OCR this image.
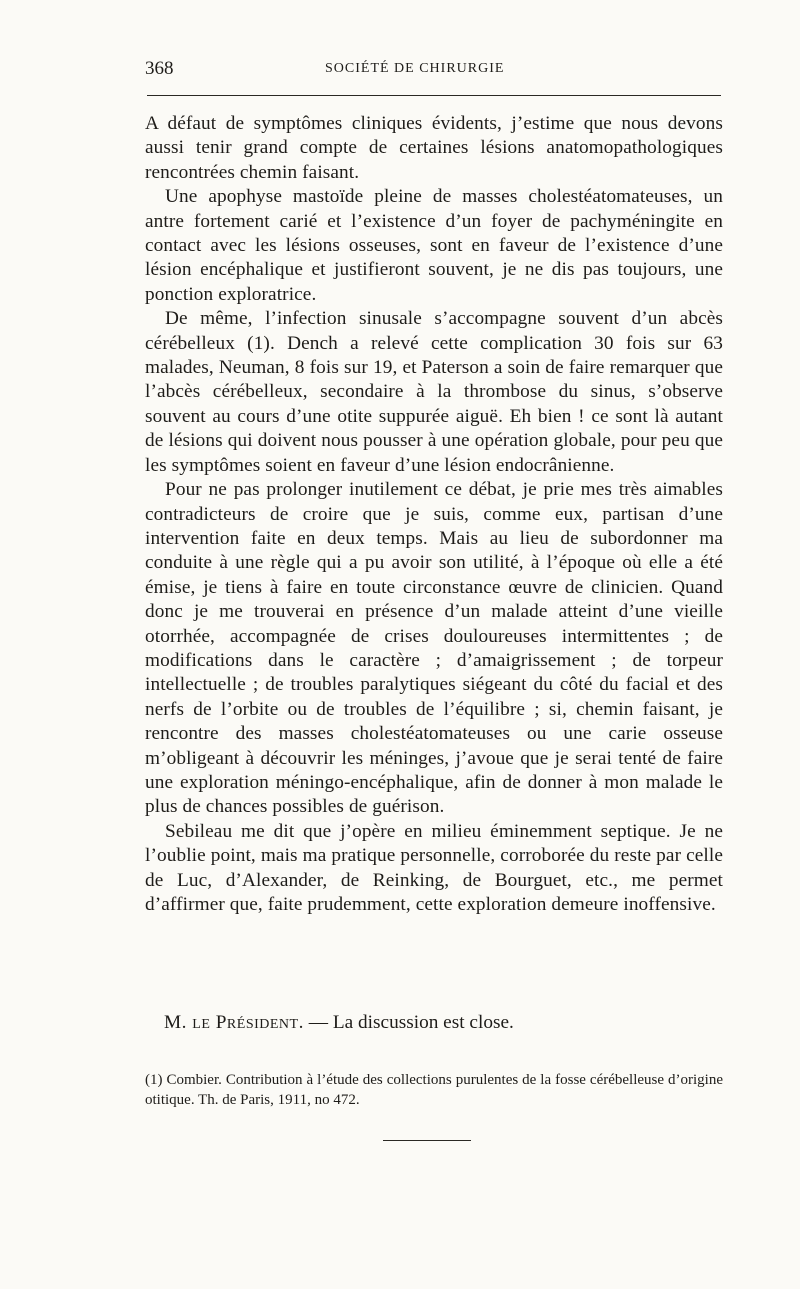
368	SOCIÉTÉ DE CHIRURGIE

A défaut de symptômes cliniques évidents, j’estime que nous devons aussi tenir grand compte de certaines lésions anatomopathologiques rencontrées chemin faisant.

Une apophyse mastoïde pleine de masses cholestéatomateuses, un antre fortement carié et l’existence d’un foyer de pachyméningite en contact avec les lésions osseuses, sont en faveur de l’existence d’une lésion encéphalique et justifieront souvent, je ne dis pas toujours, une ponction exploratrice.

De même, l’infection sinusale s’accompagne souvent d’un abcès cérébelleux (1). Dench a relevé cette complication 30 fois sur 63 malades, Neuman, 8 fois sur 19, et Paterson a soin de faire remarquer que l’abcès cérébelleux, secondaire à la thrombose du sinus, s’observe souvent au cours d’une otite suppurée aiguë. Eh bien ! ce sont là autant de lésions qui doivent nous pousser à une opération globale, pour peu que les symptômes soient en faveur d’une lésion endocrânienne.

Pour ne pas prolonger inutilement ce débat, je prie mes très aimables contradicteurs de croire que je suis, comme eux, partisan d’une intervention faite en deux temps. Mais au lieu de subordonner ma conduite à une règle qui a pu avoir son utilité, à l’époque où elle a été émise, je tiens à faire en toute circonstance œuvre de clinicien. Quand donc je me trouverai en présence d’un malade atteint d’une vieille otorrhée, accompagnée de crises douloureuses intermittentes ; de modifications dans le caractère ; d’amaigrissement ; de torpeur intellectuelle ; de troubles paralytiques siégeant du côté du facial et des nerfs de l’orbite ou de troubles de l’équilibre ; si, chemin faisant, je rencontre des masses cholestéatomateuses ou une carie osseuse m’obligeant à découvrir les méninges, j’avoue que je serai tenté de faire une exploration méningo-encéphalique, afin de donner à mon malade le plus de chances possibles de guérison.

Sebileau me dit que j’opère en milieu éminemment septique. Je ne l’oublie point, mais ma pratique personnelle, corroborée du reste par celle de Luc, d’Alexander, de Reinking, de Bourguet, etc., me permet d’affirmer que, faite prudemment, cette exploration demeure inoffensive.

M. le Président. — La discussion est close.
(1) Combier. Contribution à l’étude des collections purulentes de la fosse cérébelleuse d’origine otitique. Th. de Paris, 1911, no 472.
